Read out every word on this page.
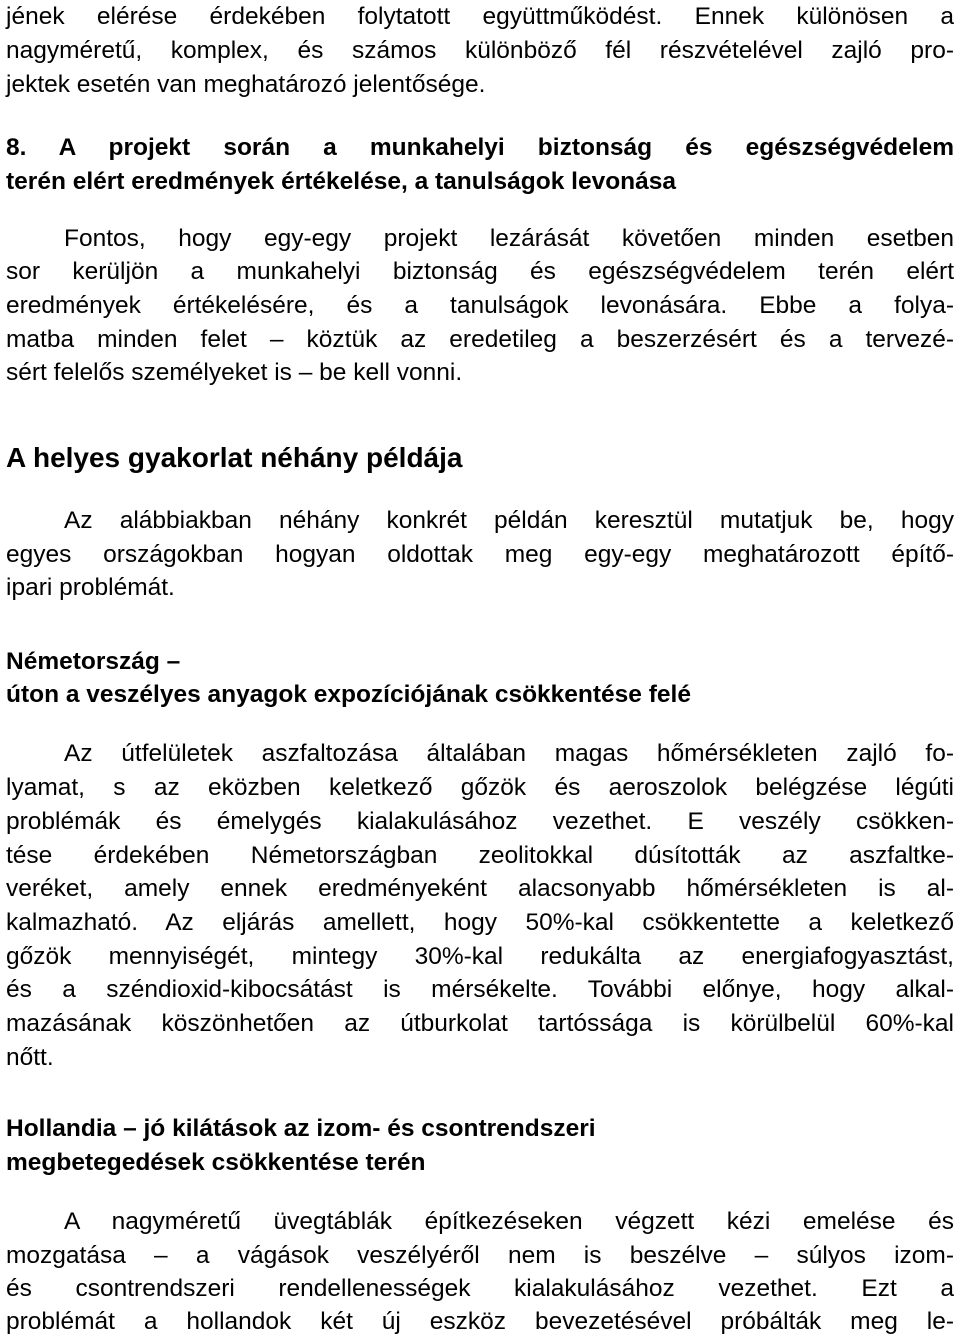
jének elérése érdekében folytatott együttműködést. Ennek különösen a
nagyméretű, komplex, és számos különböző fél részvételével zajló pro-
jektek esetén van meghatározó jelentősége.
8. A projekt során a munkahelyi biztonság és egészségvédelem
terén elért eredmények értékelése, a tanulságok levonása
Fontos, hogy egy-egy projekt lezárását követően minden esetben
sor kerüljön a munkahelyi biztonság és egészségvédelem terén elért
eredmények értékelésére, és a tanulságok levonására. Ebbe a folya-
matba minden felet – köztük az eredetileg a beszerzésért és a tervezé-
sért felelős személyeket is – be kell vonni.
A helyes gyakorlat néhány példája
Az alábbiakban néhány konkrét példán keresztül mutatjuk be, hogy
egyes országokban hogyan oldottak meg egy-egy meghatározott építő-
ipari problémát.
Németország –
úton a veszélyes anyagok expozíciójának csökkentése felé
Az útfelületek aszfaltozása általában magas hőmérsékleten zajló fo-
lyamat, s az eközben keletkező gőzök és aeroszolok belégzése légúti
problémák és émelygés kialakulásához vezethet. E veszély csökken-
tése érdekében Németországban zeolitokkal dúsították az aszfaltke-
veréket, amely ennek eredményeként alacsonyabb hőmérsékleten is al-
kalmazható. Az eljárás amellett, hogy 50%-kal csökkentette a keletkező
gőzök mennyiségét, mintegy 30%-kal redukálta az energiafogyasztást,
és a széndioxid-kibocsátást is mérsékelte. További előnye, hogy alkal-
mazásának köszönhetően az útburkolat tartóssága is körülbelül 60%-kal
nőtt.
Hollandia – jó kilátások az izom- és csontrendszeri
megbetegedések csökkentése terén
A nagyméretű üvegtáblák építkezéseken végzett kézi emelése és
mozgatása – a vágások veszélyéről nem is beszélve – súlyos izom-
és csontrendszeri rendellenességek kialakulásához vezethet. Ezt a
problémát a hollandok két új eszköz bevezetésével próbálták meg le-
